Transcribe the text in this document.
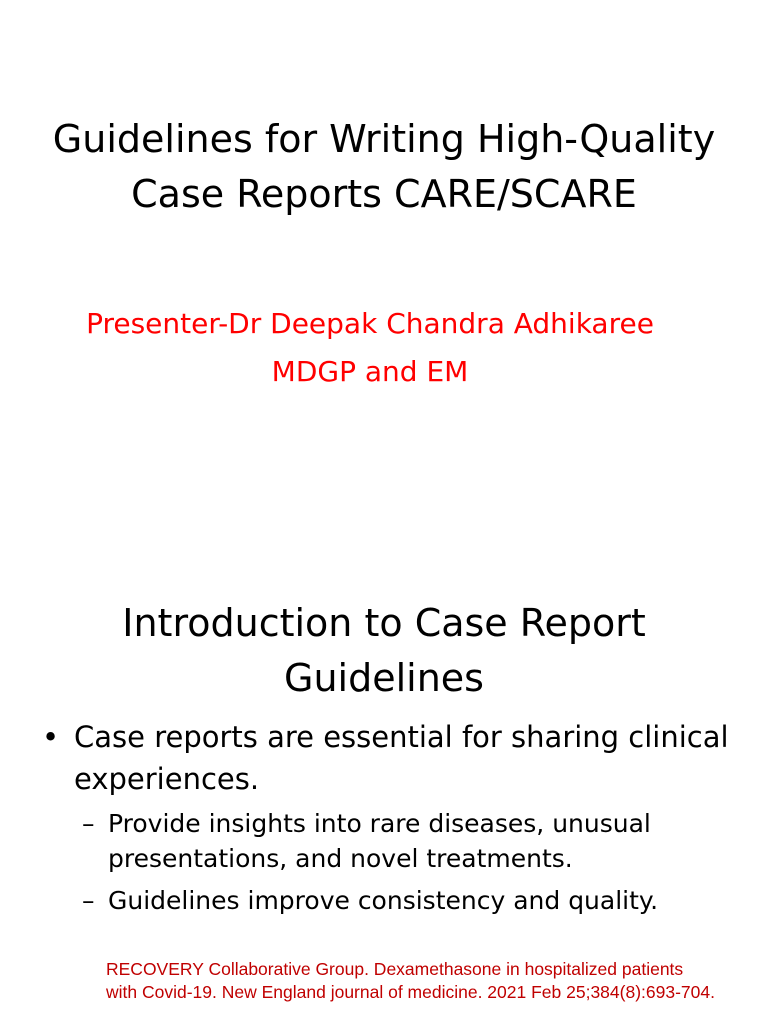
Guidelines for Writing High-Quality Case Reports CARE/SCARE
Presenter-Dr Deepak Chandra Adhikaree
MDGP and EM
Introduction to Case Report Guidelines
• Case reports are essential for sharing clinical experiences.
– Provide insights into rare diseases, unusual presentations, and novel treatments.
– Guidelines improve consistency and quality.
RECOVERY Collaborative Group. Dexamethasone in hospitalized patients with Covid-19. New England journal of medicine. 2021 Feb 25;384(8):693-704.
